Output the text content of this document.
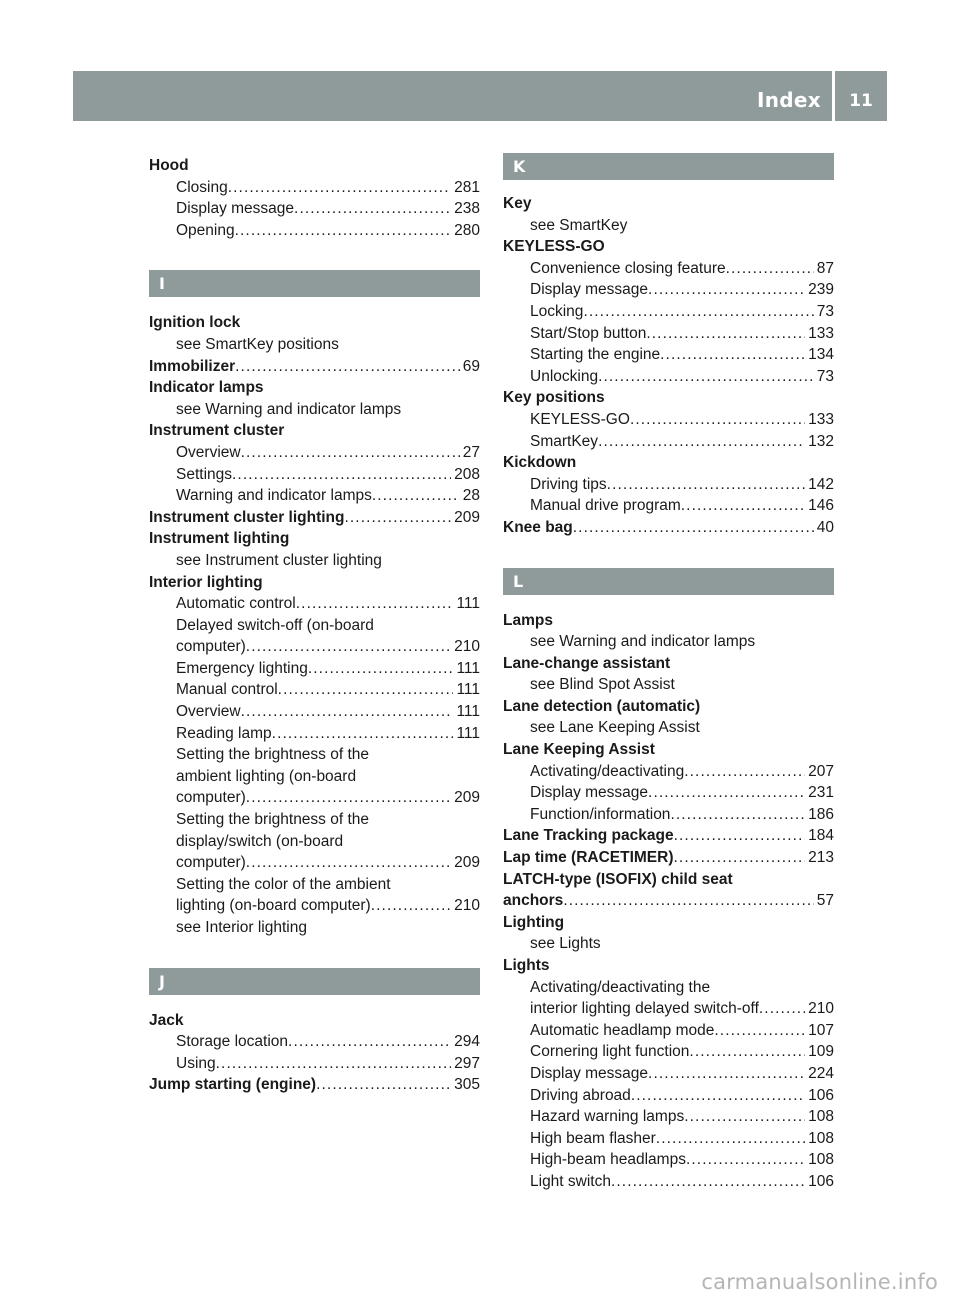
Index	11
Hood
Closing . . .	281
Display message . . .	238
Opening . . .	280
I
Ignition lock
see SmartKey positions
Immobilizer . . .	69
Indicator lamps
see Warning and indicator lamps
Instrument cluster
Overview . . .	27
Settings . . .	208
Warning and indicator lamps . . .	28
Instrument cluster lighting . . .	209
Instrument lighting
see Instrument cluster lighting
Interior lighting
Automatic control . . .	111
Delayed switch-off (on-board
computer) . . .	210
Emergency lighting . . .	111
Manual control . . .	111
Overview . . .	111
Reading lamp . . .	111
Setting the brightness of the
ambient lighting (on-board
computer) . . .	209
Setting the brightness of the
display/switch (on-board
computer) . . .	209
Setting the color of the ambient
lighting (on-board computer) . . .	210
see Interior lighting
J
Jack
Storage location . . .	294
Using . . .	297
Jump starting (engine) . . .	305
K
Key
see SmartKey
KEYLESS-GO
Convenience closing feature . . .	87
Display message . . .	239
Locking . . .	73
Start/Stop button . . .	133
Starting the engine . . .	134
Unlocking . . .	73
Key positions
KEYLESS-GO . . .	133
SmartKey . . .	132
Kickdown
Driving tips . . .	142
Manual drive program . . .	146
Knee bag . . .	40
L
Lamps
see Warning and indicator lamps
Lane-change assistant
see Blind Spot Assist
Lane detection (automatic)
see Lane Keeping Assist
Lane Keeping Assist
Activating/deactivating . . .	207
Display message . . .	231
Function/information . . .	186
Lane Tracking package . . .	184
Lap time (RACETIMER) . . .	213
LATCH-type (ISOFIX) child seat
anchors . . .	57
Lighting
see Lights
Lights
Activating/deactivating the
interior lighting delayed switch-off . . .	210
Automatic headlamp mode . . .	107
Cornering light function . . .	109
Display message . . .	224
Driving abroad . . .	106
Hazard warning lamps . . .	108
High beam flasher . . .	108
High-beam headlamps . . .	108
Light switch . . .	106
carmanualsonline.info
